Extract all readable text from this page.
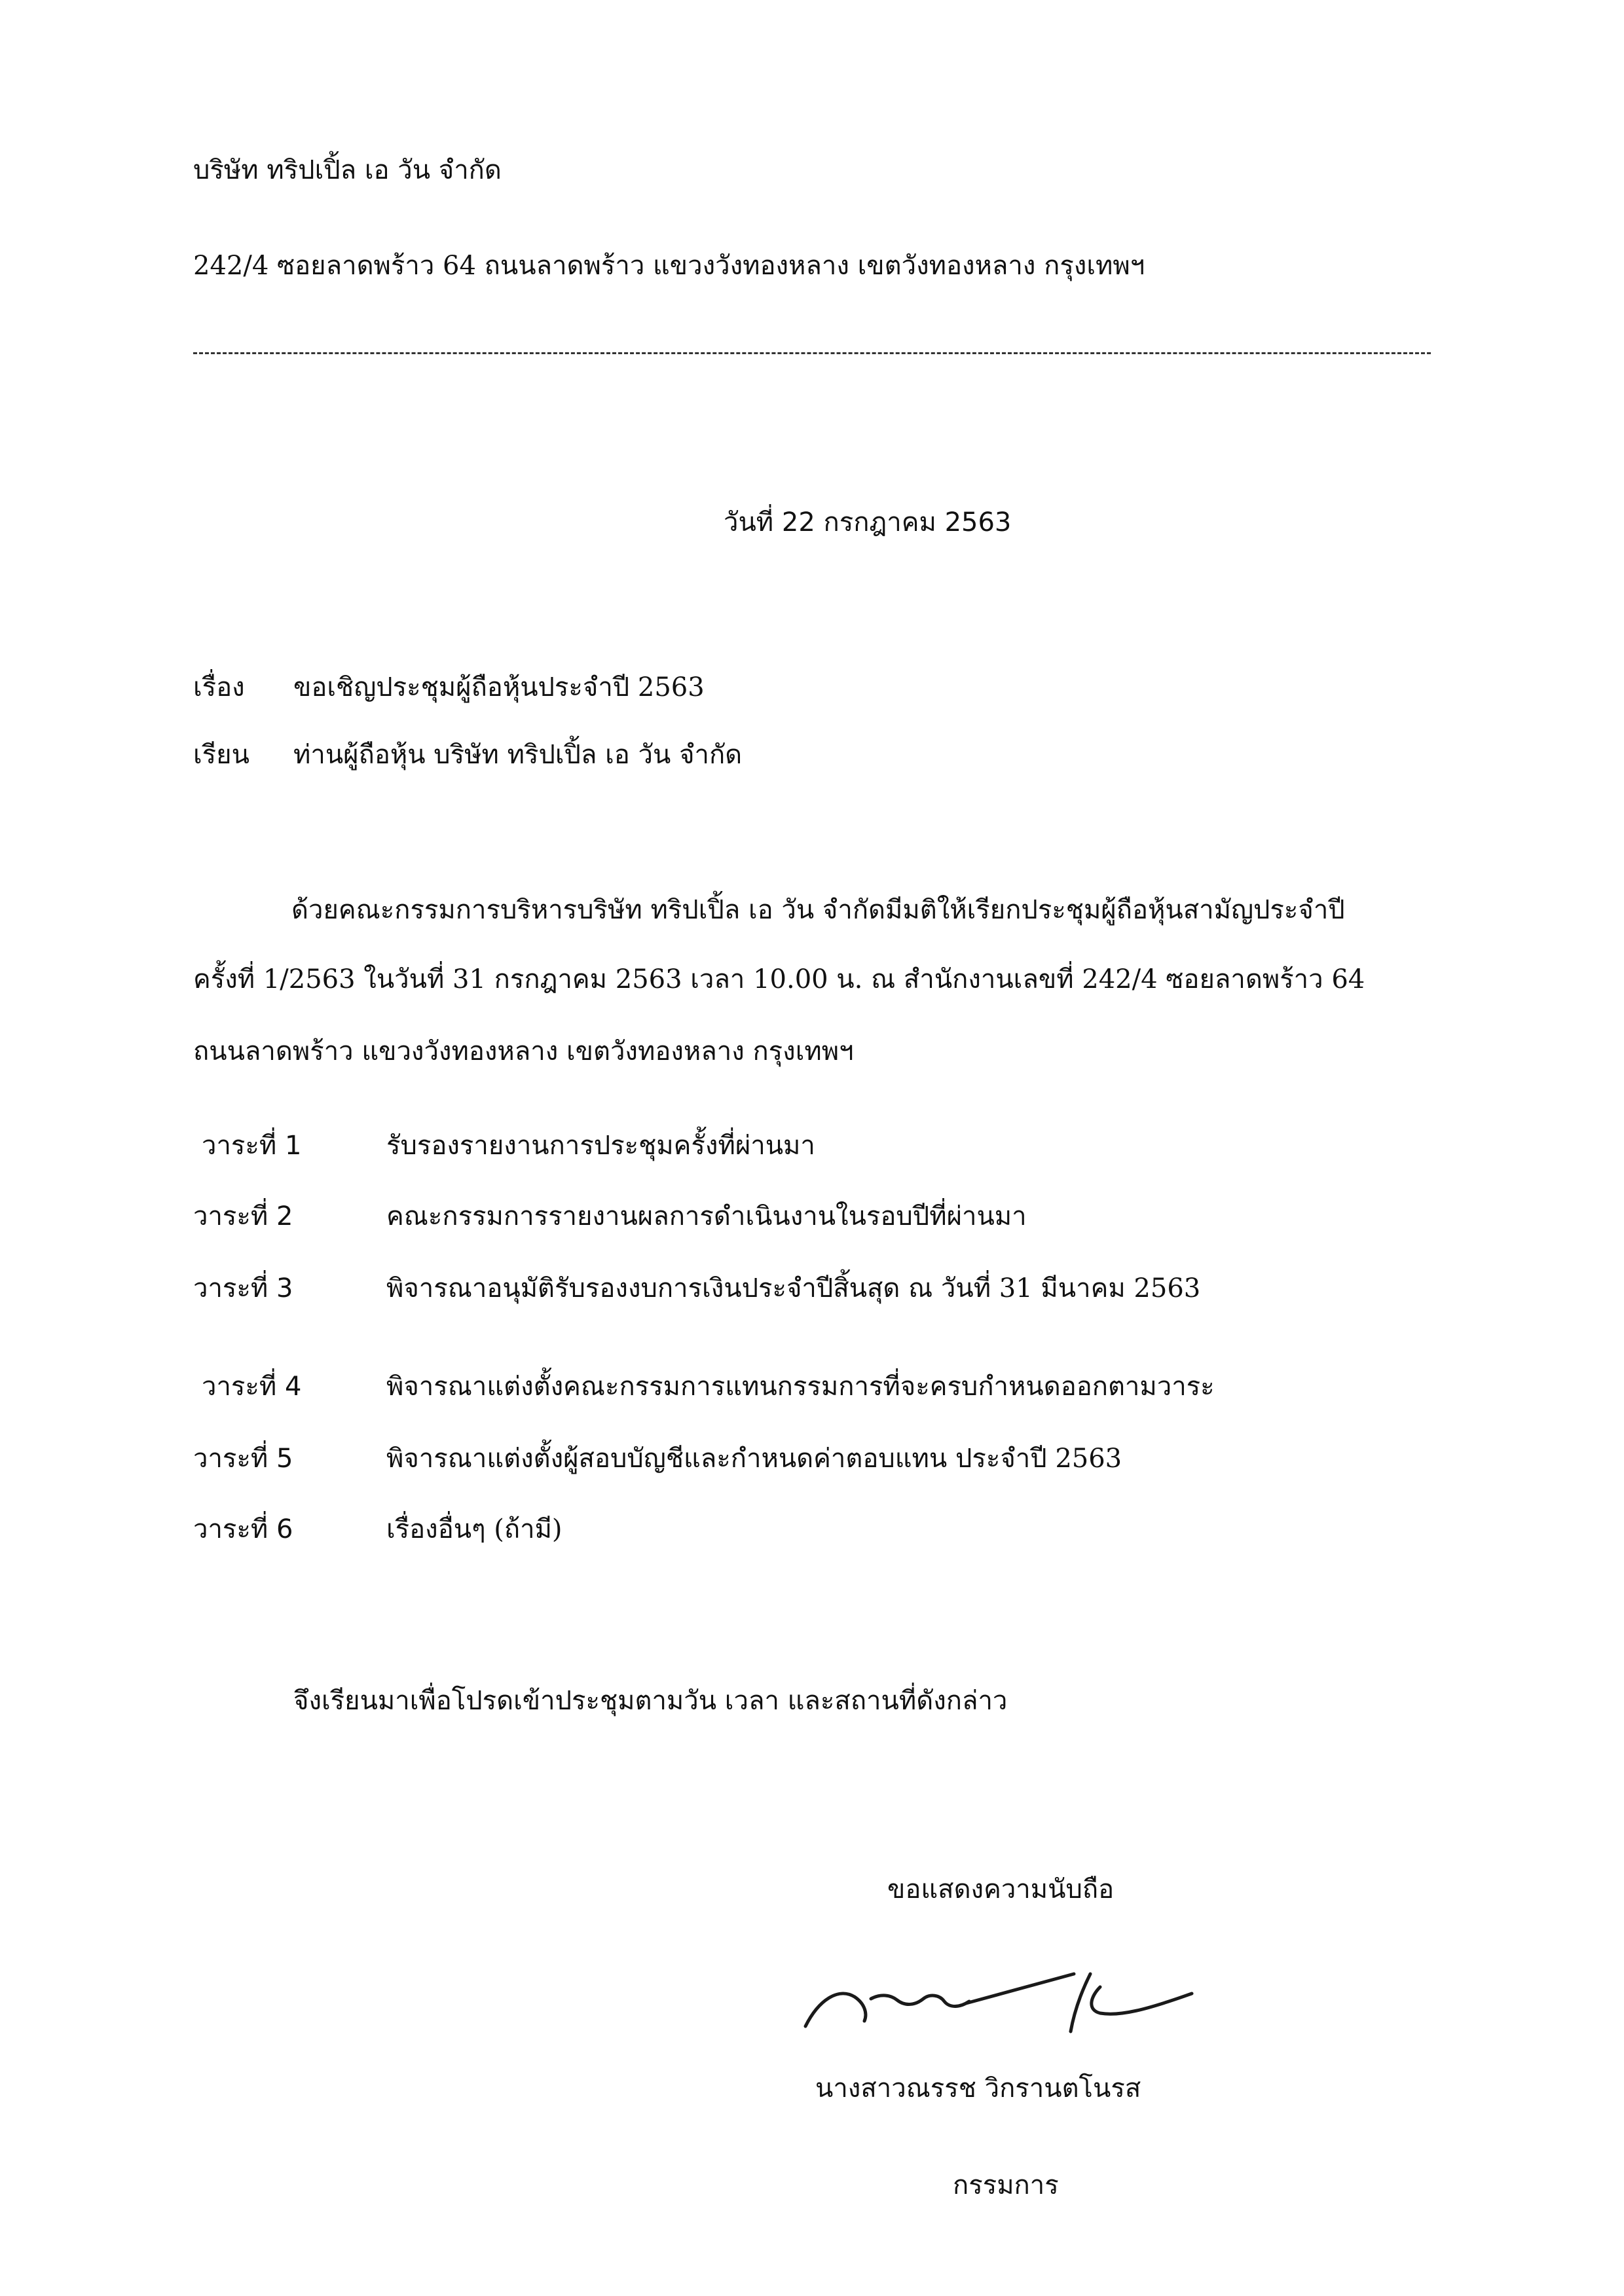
บริษัท ทริปเปิ้ล เอ วัน จำกัด
242/4 ซอยลาดพร้าว 64 ถนนลาดพร้าว แขวงวังทองหลาง เขตวังทองหลาง กรุงเทพฯ
วันที่ 22 กรกฎาคม 2563
เรื่อง ขอเชิญประชุมผู้ถือหุ้นประจำปี 2563
เรียน ท่านผู้ถือหุ้น บริษัท ทริปเปิ้ล เอ วัน จำกัด
ด้วยคณะกรรมการบริหารบริษัท ทริปเปิ้ล เอ วัน จำกัดมีมติให้เรียกประชุมผู้ถือหุ้นสามัญประจำปี
ครั้งที่ 1/2563 ในวันที่ 31 กรกฎาคม 2563 เวลา 10.00 น. ณ สำนักงานเลขที่ 242/4 ซอยลาดพร้าว 64
ถนนลาดพร้าว แขวงวังทองหลาง เขตวังทองหลาง กรุงเทพฯ
วาระที่ 1	รับรองรายงานการประชุมครั้งที่ผ่านมา
วาระที่ 2	คณะกรรมการรายงานผลการดำเนินงานในรอบปีที่ผ่านมา
วาระที่ 3	พิจารณาอนุมัติรับรองงบการเงินประจำปีสิ้นสุด ณ วันที่ 31 มีนาคม 2563
วาระที่ 4	พิจารณาแต่งตั้งคณะกรรมการแทนกรรมการที่จะครบกำหนดออกตามวาระ
วาระที่ 5	พิจารณาแต่งตั้งผู้สอบบัญชีและกำหนดค่าตอบแทน ประจำปี 2563
วาระที่ 6	เรื่องอื่นๆ (ถ้ามี)
จึงเรียนมาเพื่อโปรดเข้าประชุมตามวัน เวลา และสถานที่ดังกล่าว
ขอแสดงความนับถือ
นางสาวณรรช วิกรานตโนรส
กรรมการ
